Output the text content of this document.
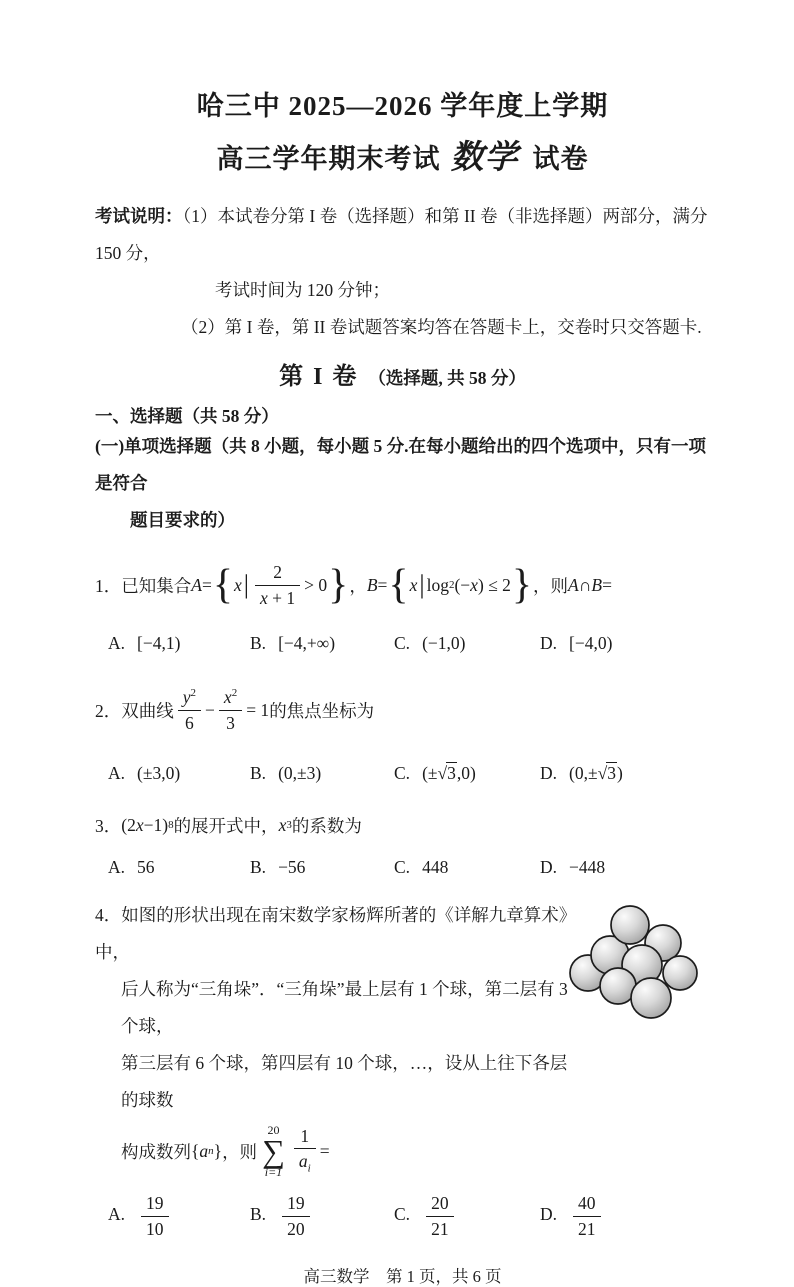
哈三中 2025—2026 学年度上学期
高三学年期末考试 数学 试卷
考试说明：（1）本试卷分第 I 卷（选择题）和第 II 卷（非选择题）两部分，满分 150 分，
考试时间为 120 分钟；
（2）第 I 卷，第 II 卷试题答案均答在答题卡上，交卷时只交答题卡.
第 I 卷 （选择题, 共 58 分）
一、选择题（共 58 分）
(一)单项选择题（共 8 小题，每小题 5 分.在每小题给出的四个选项中，只有一项是符合
题目要求的）
1． 已知集合 A = { x | $\frac{2}{x + 1} > 0$ } ， B = { x | log 2 (− x ) ≤ 2 } ，则 A ∩ B =
A. [−4,1)	B. [−4,+∞)	C. (−1,0)	D. [−4,0)
2． 双曲线 $\frac{y^2}{6} - \frac{x^2}{3} = 1$ 的焦点坐标为
A. (±3,0)	B. (0,±3)	C. (±√3,0)	D. (0,±√3)
3． (2 x −1) 8 的展开式中， x 3 的系数为
A. 56	B. −56	C. 448	D. −448
4．如图的形状出现在南宋数学家杨辉所著的《详解九章算术》中，
后人称为“三角垛”．“三角垛”最上层有 1 个球，第二层有 3 个球，
第三层有 6 个球，第四层有 10 个球，…，设从上往下各层的球数
构成数列 { a n } ，则
20
∑
$i=1 \frac{1}{a_i}$ =
A. $\frac{19}{10}$	B. $\frac{19}{20}$	C. $\frac{20}{21}$	D. $\frac{40}{21}$
高三数学　第 1 页，共 6 页
